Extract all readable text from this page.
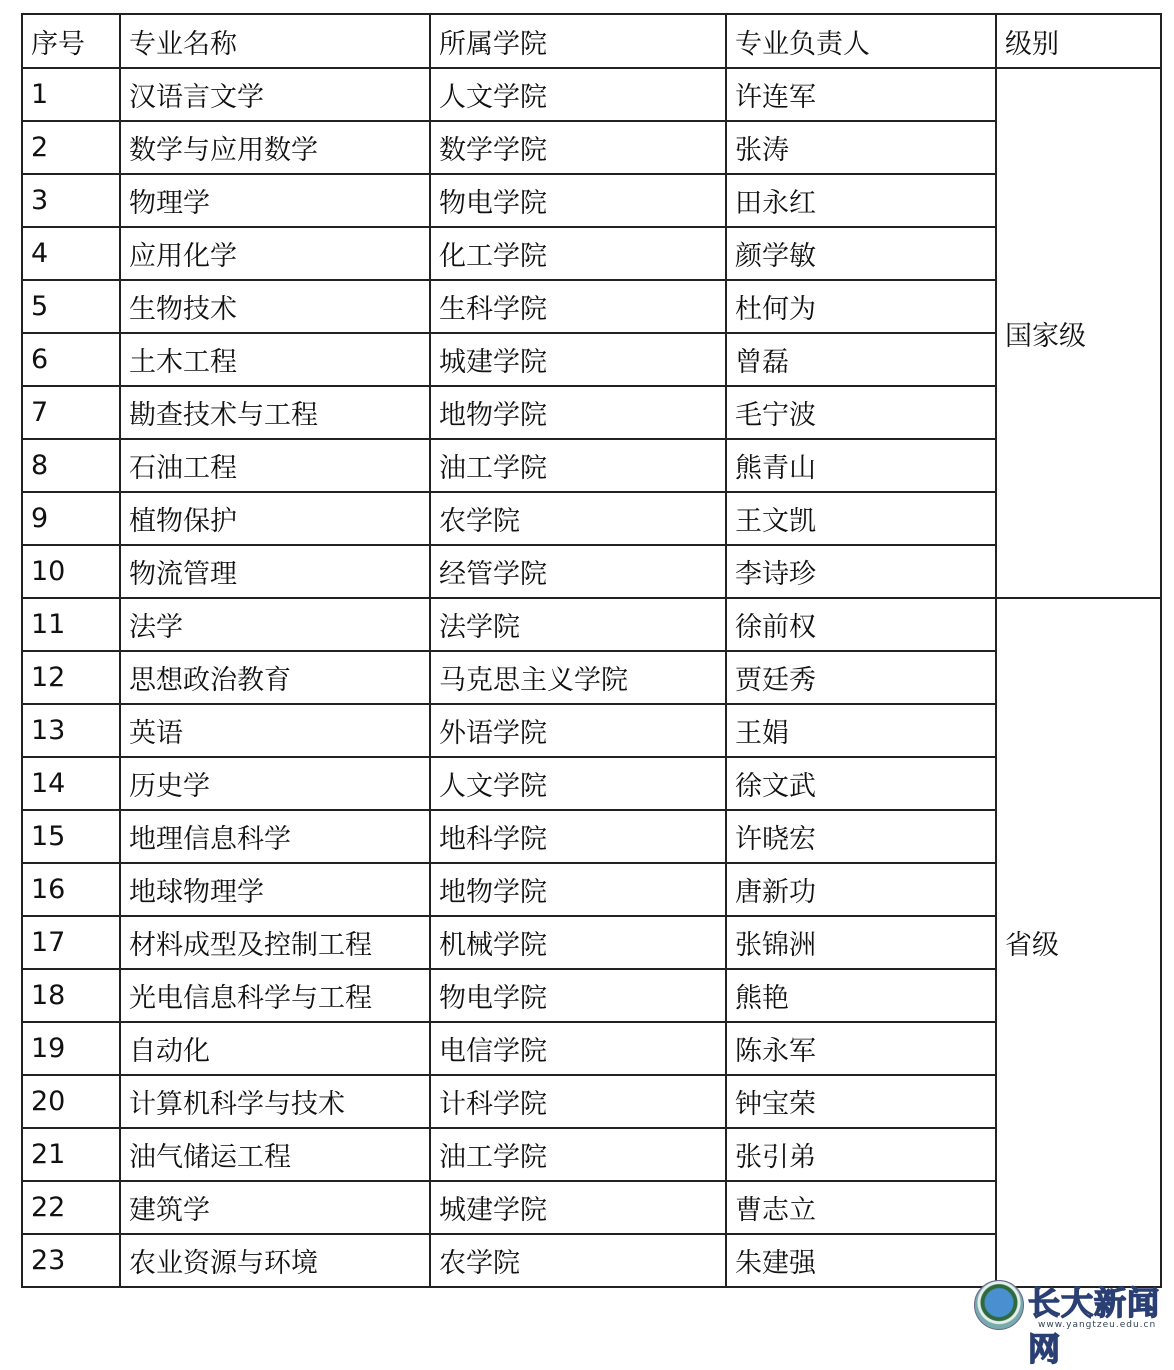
序号	专业名称	所属学院	专业负责人	级别
1	汉语言文学	人文学院	许连军	国家级
2	数学与应用数学	数学学院	张涛	
3	物理学	物电学院	田永红	
4	应用化学	化工学院	颜学敏	
5	生物技术	生科学院	杜何为	
6	土木工程	城建学院	曾磊	
7	勘查技术与工程	地物学院	毛宁波	
8	石油工程	油工学院	熊青山	
9	植物保护	农学院	王文凯	
10	物流管理	经管学院	李诗珍	
11	法学	法学院	徐前权	省级
12	思想政治教育	马克思主义学院	贾廷秀	
13	英语	外语学院	王娟	
14	历史学	人文学院	徐文武	
15	地理信息科学	地科学院	许晓宏	
16	地球物理学	地物学院	唐新功	
17	材料成型及控制工程	机械学院	张锦洲	
18	光电信息科学与工程	物电学院	熊艳	
19	自动化	电信学院	陈永军	
20	计算机科学与技术	计科学院	钟宝荣	
21	油气储运工程	油工学院	张引弟	
22	建筑学	城建学院	曹志立	
23	农业资源与环境	农学院	朱建强	
长大新闻网
www.yangtzeu.edu.cn
